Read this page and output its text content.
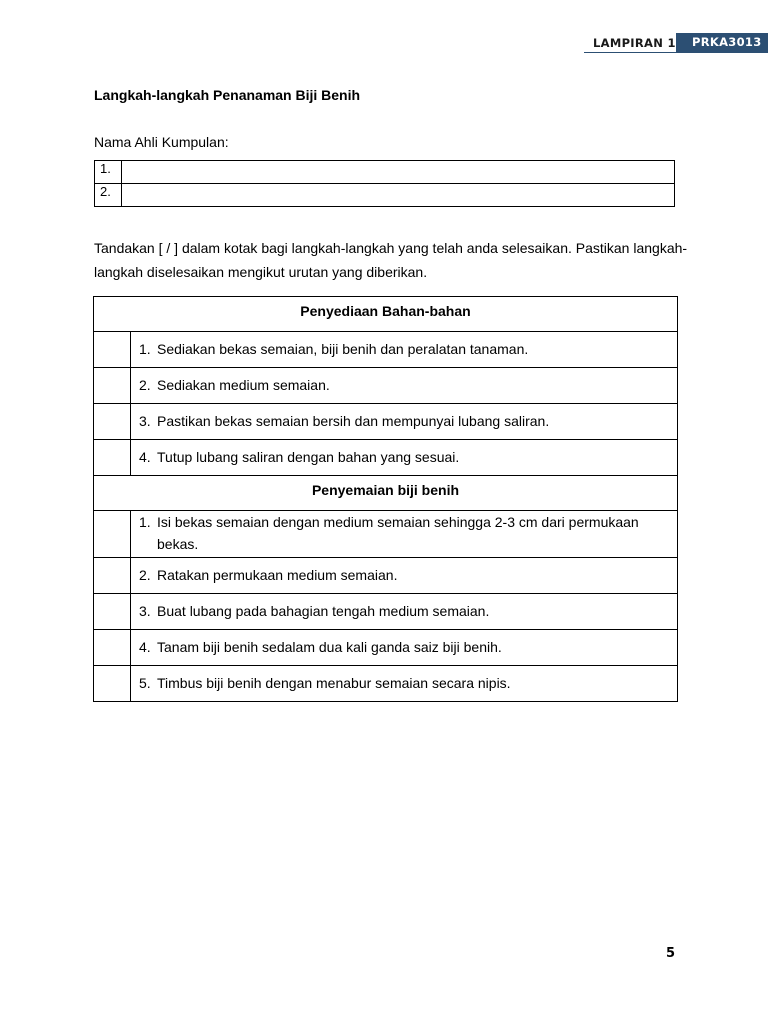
LAMPIRAN 1	PRKA3013
Langkah-langkah Penanaman Biji Benih
Nama Ahli Kumpulan:
1.	
2.	
Tandakan [ / ] dalam kotak bagi langkah-langkah yang telah anda selesaikan. Pastikan langkah-langkah diselesaikan mengikut urutan yang diberikan.
Penyediaan Bahan-bahan	
	1. Sediakan bekas semaian, biji benih dan peralatan tanaman.
	2. Sediakan medium semaian.
	3. Pastikan bekas semaian bersih dan mempunyai lubang saliran.
	4. Tutup lubang saliran dengan bahan yang sesuai.
Penyemaian biji benih	
	1. Isi bekas semaian dengan medium semaian sehingga 2-3 cm dari permukaan bekas.
	2. Ratakan permukaan medium semaian.
	3. Buat lubang pada bahagian tengah medium semaian.
	4. Tanam biji benih sedalam dua kali ganda saiz biji benih.
	5. Timbus biji benih dengan menabur semaian secara nipis.
5
